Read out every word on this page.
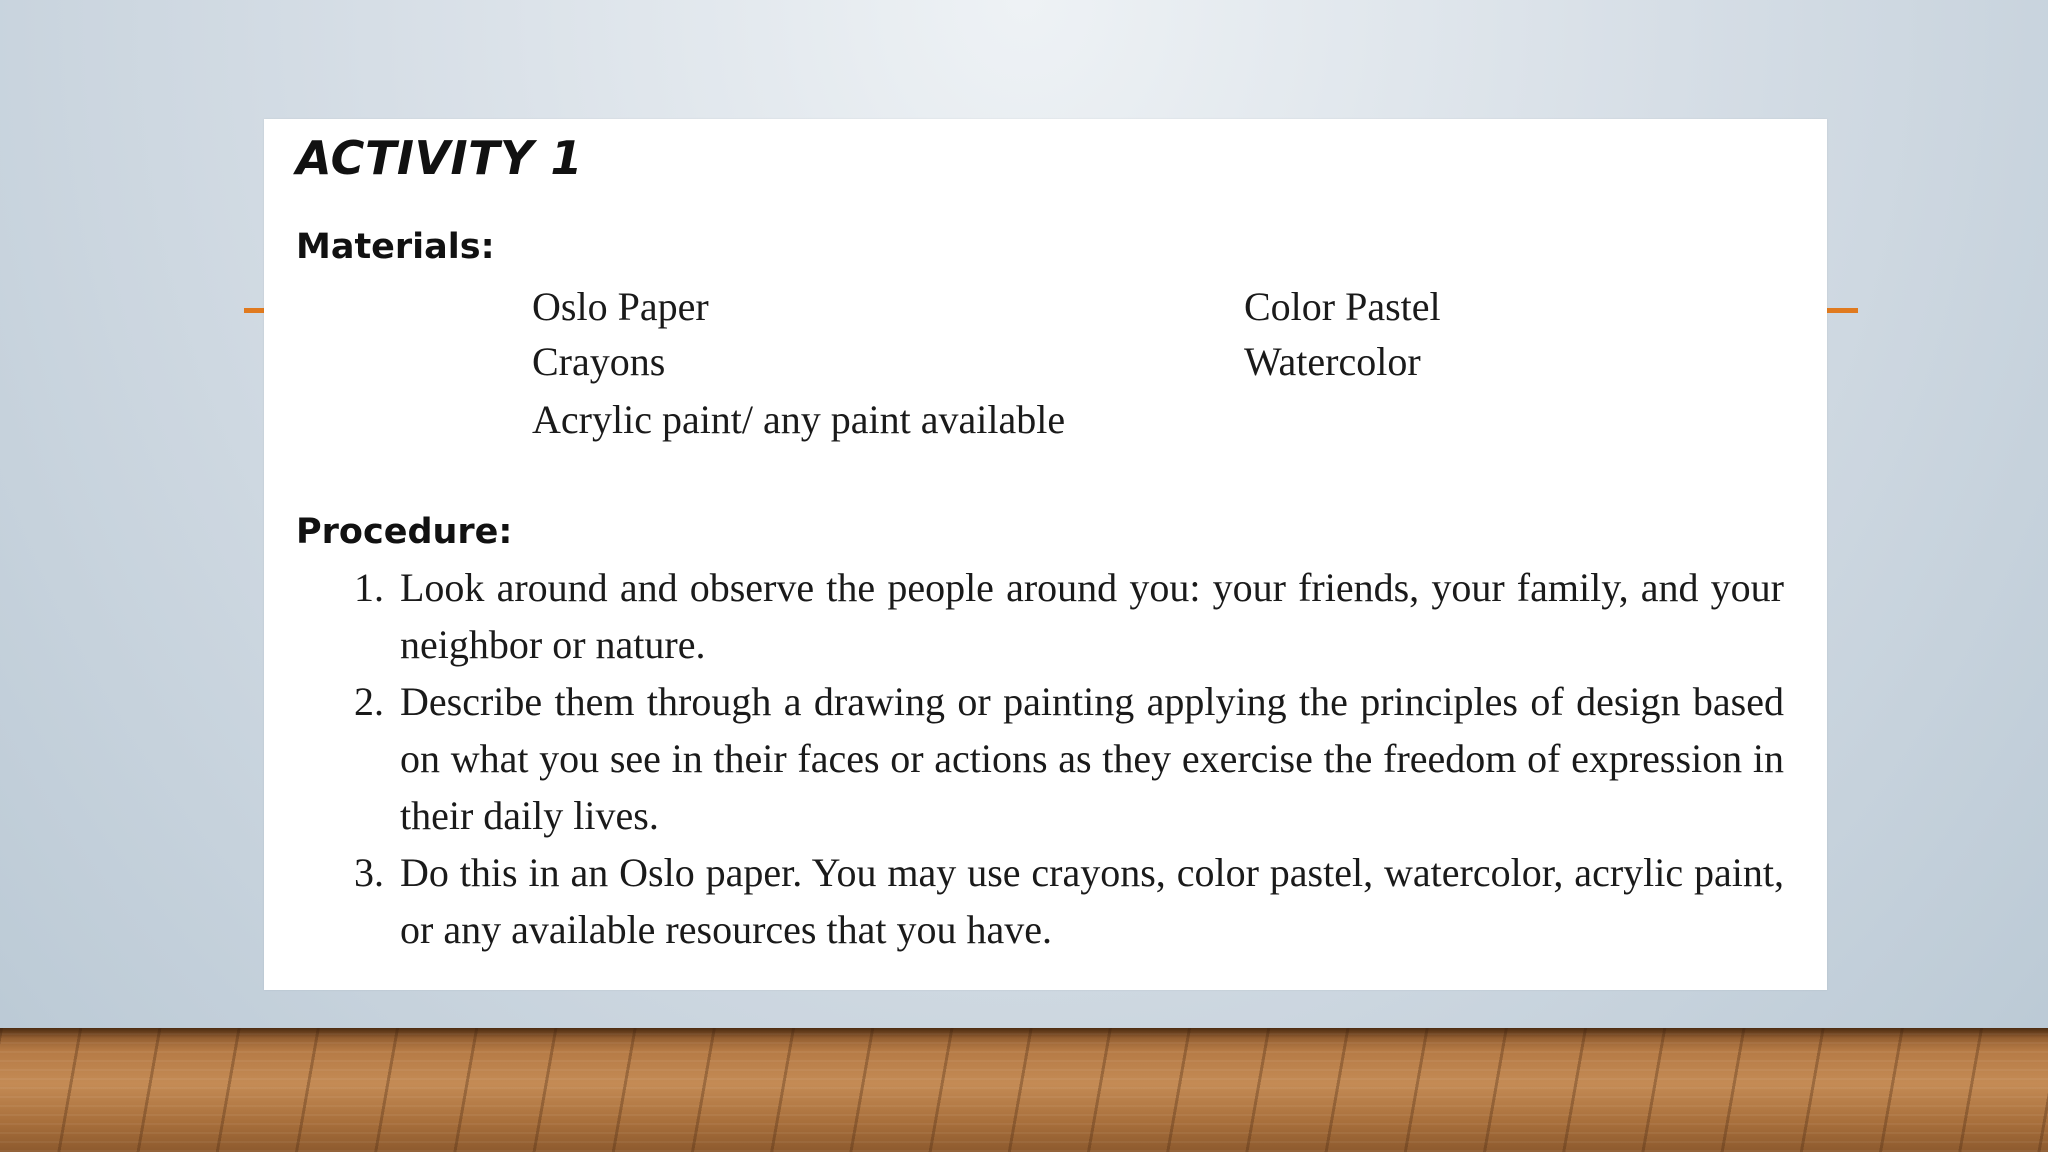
ACTIVITY 1
Materials:
Oslo Paper
Crayons
Acrylic paint/ any paint available
Color Pastel
Watercolor
Procedure:
1. Look around and observe the people around you: your friends, your family, and your neighbor or nature.
2. Describe them through a drawing or painting applying the principles of design based on what you see in their faces or actions as they exercise the freedom of expression in their daily lives.
3. Do this in an Oslo paper. You may use crayons, color pastel, watercolor, acrylic paint, or any available resources that you have.
